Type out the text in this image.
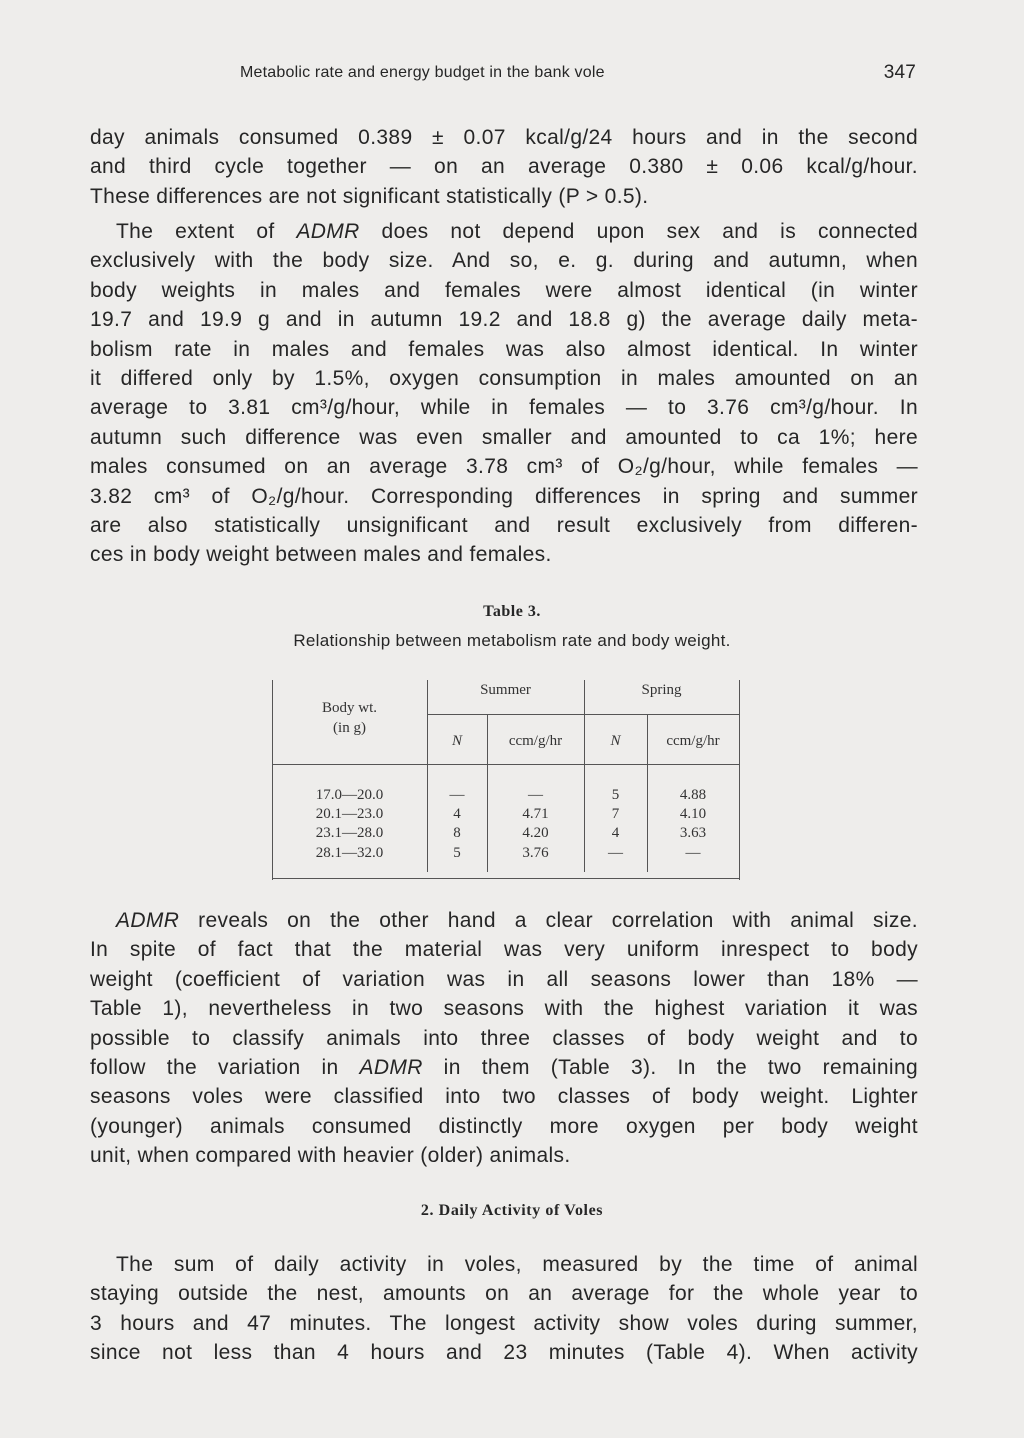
Metabolic rate and energy budget in the bank vole	347
day animals consumed 0.389 ± 0.07 kcal/g/24 hours and in the second
and third cycle together — on an average 0.380 ± 0.06 kcal/g/hour.
These differences are not significant statistically (P > 0.5).
The extent of ADMR does not depend upon sex and is connected
exclusively with the body size. And so, e. g. during and autumn, when
body weights in males and females were almost identical (in winter
19.7 and 19.9 g and in autumn 19.2 and 18.8 g) the average daily meta-
bolism rate in males and females was also almost identical. In winter
it differed only by 1.5%, oxygen consumption in males amounted on an
average to 3.81 cm³/g/hour, while in females — to 3.76 cm³/g/hour. In
autumn such difference was even smaller and amounted to ca 1%; here
males consumed on an average 3.78 cm³ of O₂/g/hour, while females —
3.82 cm³ of O₂/g/hour. Corresponding differences in spring and summer
are also statistically unsignificant and result exclusively from differen-
ces in body weight between males and females.
Table 3.
Relationship between metabolism rate and body weight.
Body wt.
(in g)
Summer	Spring
N	ccm/g/hr	N	ccm/g/hr
17.0—20.0	—	—	5	4.88
20.1—23.0	4	4.71	7	4.10
23.1—28.0	8	4.20	4	3.63
28.1—32.0	5	3.76	—	—
ADMR reveals on the other hand a clear correlation with animal size.
In spite of fact that the material was very uniform inrespect to body
weight (coefficient of variation was in all seasons lower than 18% —
Table 1), nevertheless in two seasons with the highest variation it was
possible to classify animals into three classes of body weight and to
follow the variation in ADMR in them (Table 3). In the two remaining
seasons voles were classified into two classes of body weight. Lighter
(younger) animals consumed distinctly more oxygen per body weight
unit, when compared with heavier (older) animals.
2. Daily Activity of Voles
The sum of daily activity in voles, measured by the time of animal
staying outside the nest, amounts on an average for the whole year to
3 hours and 47 minutes. The longest activity show voles during summer,
since not less than 4 hours and 23 minutes (Table 4). When activity
